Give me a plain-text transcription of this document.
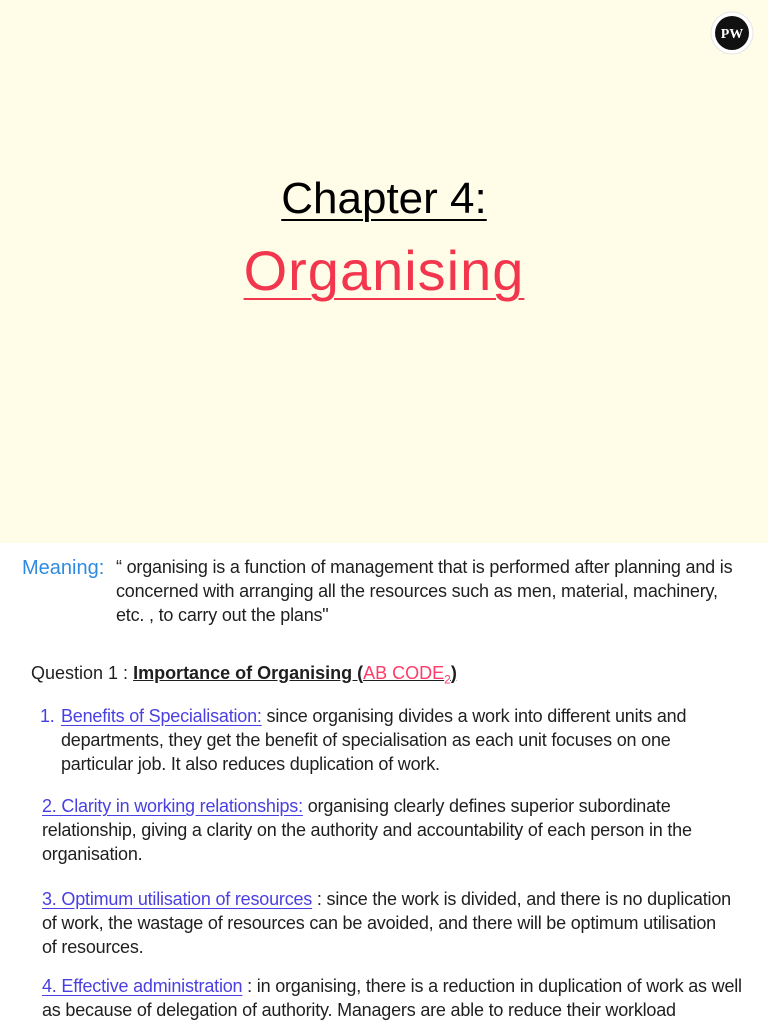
PW
Chapter 4:
Organising
Meaning: “ organising is a function of management that is performed after planning and is concerned with arranging all the resources such as men, material, machinery, etc. , to carry out the plans"
Question 1 : Importance of Organising (AB $CODE_2$)
1. Benefits of Specialisation: since organising divides a work into different units and departments, they get the benefit of specialisation as each unit focuses on one particular job. It also reduces duplication of work.
2. Clarity in working relationships: organising clearly defines superior subordinate relationship, giving a clarity on the authority and accountability of each person in the organisation.
3. Optimum utilisation of resources : since the work is divided, and there is no duplication of work, the wastage of resources can be avoided, and there will be optimum utilisation of resources.
4. Effective administration : in organising, there is a reduction in duplication of work as well as because of delegation of authority. Managers are able to reduce their workload
